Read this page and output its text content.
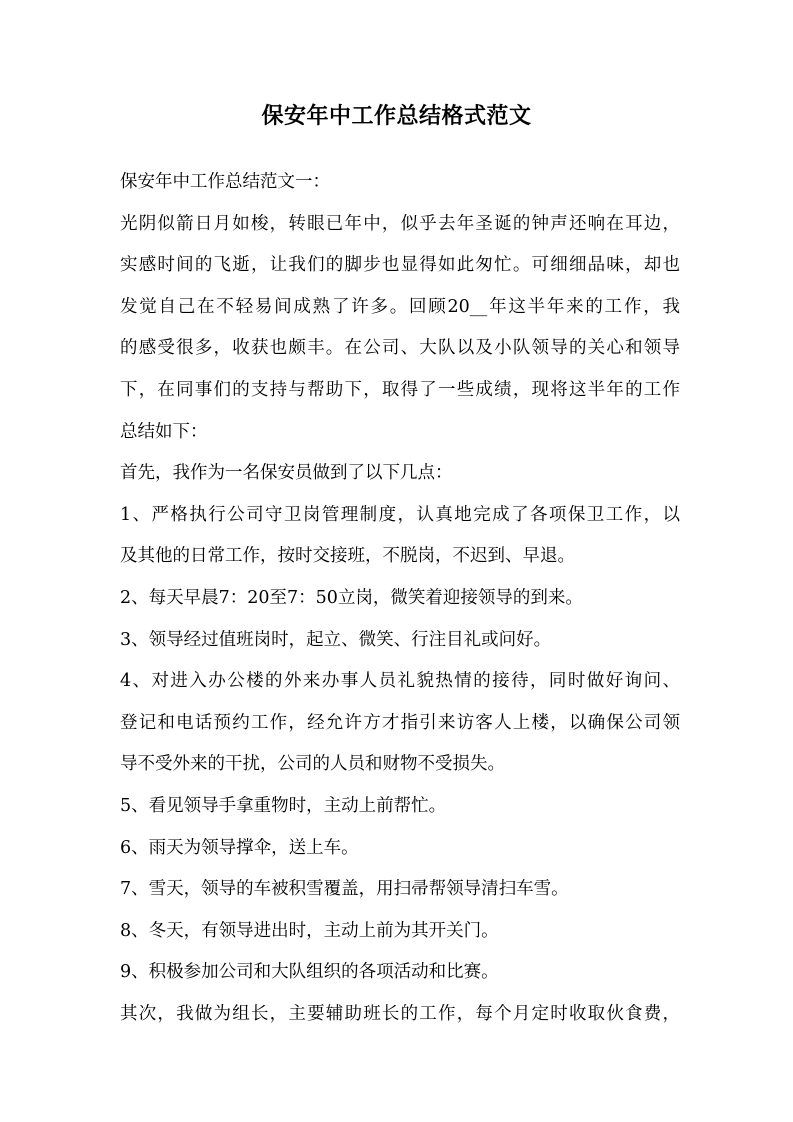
保安年中工作总结格式范文
保安年中工作总结范文一：
光阴似箭日月如梭，转眼已年中，似乎去年圣诞的钟声还响在耳边，
实感时间的飞逝，让我们的脚步也显得如此匆忙。可细细品味，却也
发觉自己在不轻易间成熟了许多。回顾20__年这半年来的工作，我
的感受很多，收获也颇丰。在公司、大队以及小队领导的关心和领导
下，在同事们的支持与帮助下，取得了一些成绩，现将这半年的工作
总结如下：
首先，我作为一名保安员做到了以下几点：
1、严格执行公司守卫岗管理制度，认真地完成了各项保卫工作，以
及其他的日常工作，按时交接班，不脱岗，不迟到、早退。
2、每天早晨7：20至7：50立岗，微笑着迎接领导的到来。
3、领导经过值班岗时，起立、微笑、行注目礼或问好。
4、对进入办公楼的外来办事人员礼貌热情的接待，同时做好询问、
登记和电话预约工作，经允许方才指引来访客人上楼，以确保公司领
导不受外来的干扰，公司的人员和财物不受损失。
5、看见领导手拿重物时，主动上前帮忙。
6、雨天为领导撑伞，送上车。
7、雪天，领导的车被积雪覆盖，用扫帚帮领导清扫车雪。
8、冬天，有领导进出时，主动上前为其开关门。
9、积极参加公司和大队组织的各项活动和比赛。
其次，我做为组长，主要辅助班长的工作，每个月定时收取伙食费，
